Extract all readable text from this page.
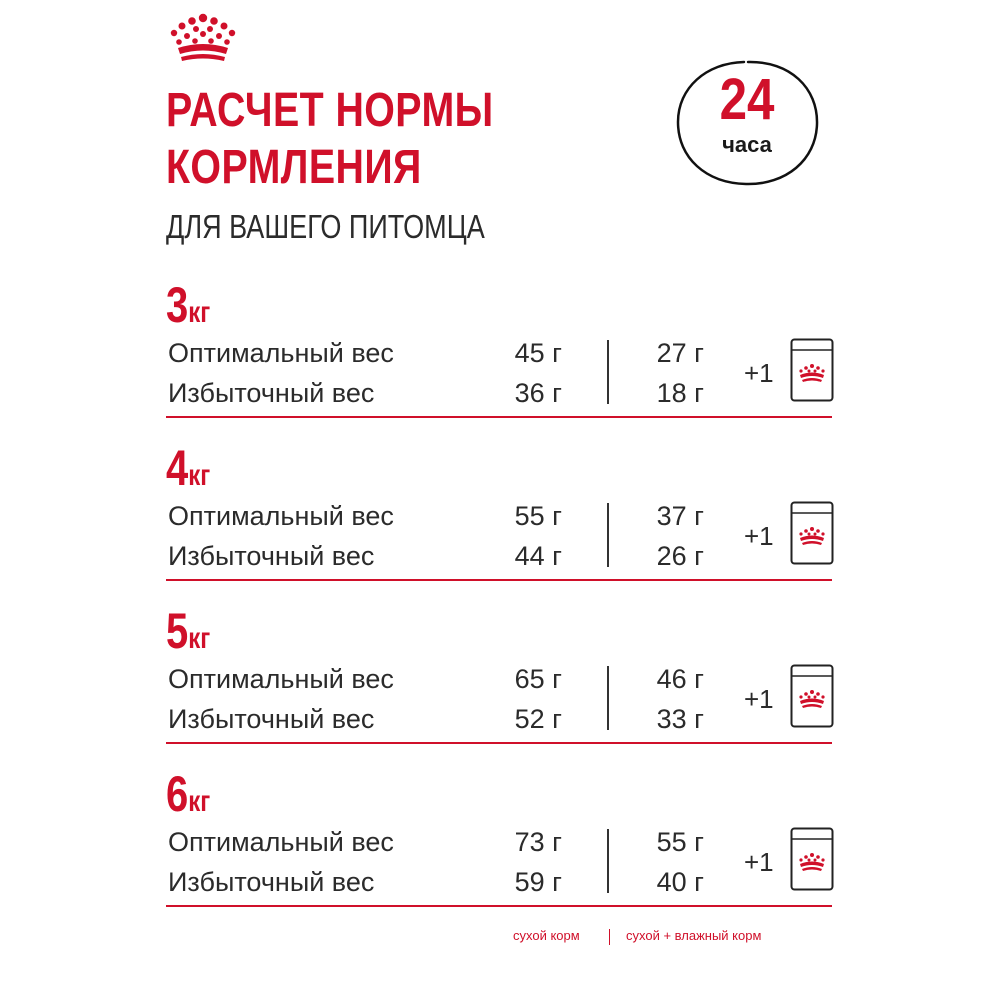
РАСЧЕТ НОРМЫ
КОРМЛЕНИЯ
ДЛЯ ВАШЕГО ПИТОМЦА
24
часа
3кг
Оптимальный вес	45 г	27 г
Избыточный вес	36 г	18 г
+1
4кг
Оптимальный вес	55 г	37 г
Избыточный вес	44 г	26 г
+1
5кг
Оптимальный вес	65 г	46 г
Избыточный вес	52 г	33 г
+1
6кг
Оптимальный вес	73 г	55 г
Избыточный вес	59 г	40 г
+1
сухой корм	сухой + влажный корм
